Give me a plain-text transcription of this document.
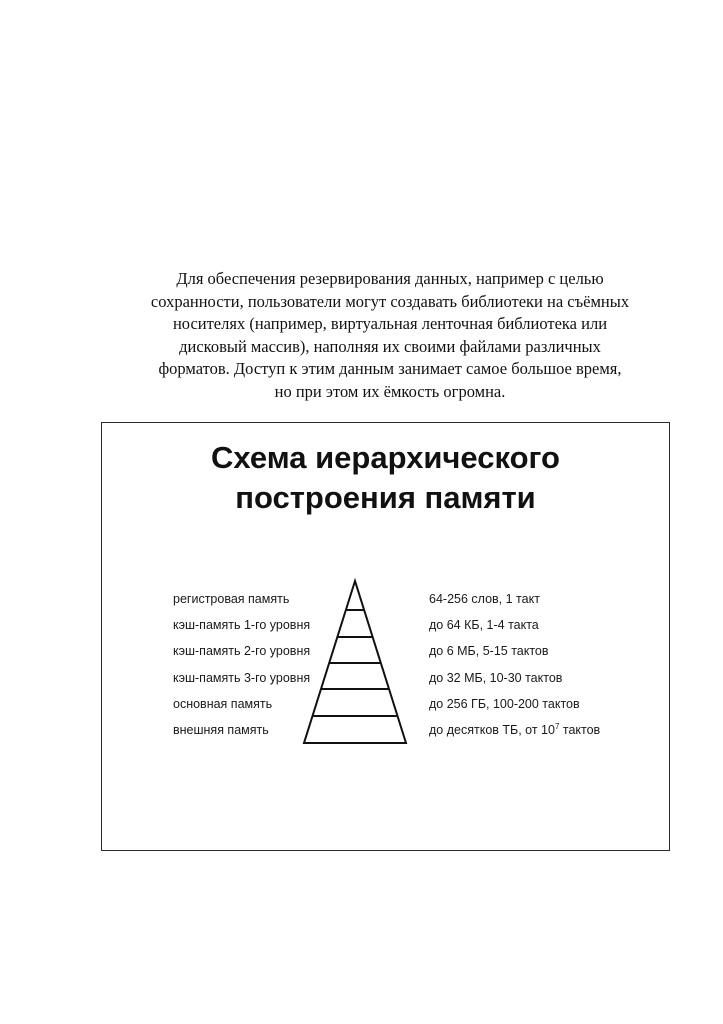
Для обеспечения резервирования данных, например с целью
сохранности, пользователи могут создавать библиотеки на съёмных
носителях (например, виртуальная ленточная библиотека или
дисковый массив), наполняя их своими файлами различных
форматов. Доступ к этим данным занимает самое большое время,
но при этом их ёмкость огромна.
Схема иерархического
построения памяти
регистровая память
кэш-память 1-го уровня
кэш-память 2-го уровня
кэш-память 3-го уровня
основная память
внешняя память
64-256 слов, 1 такт
до 64 КБ, 1-4 такта
до 6 МБ, 5-15 тактов
до 32 МБ, 10-30 тактов
до 256 ГБ, 100-200 тактов
до десятков ТБ, от $10^7$ тактов
